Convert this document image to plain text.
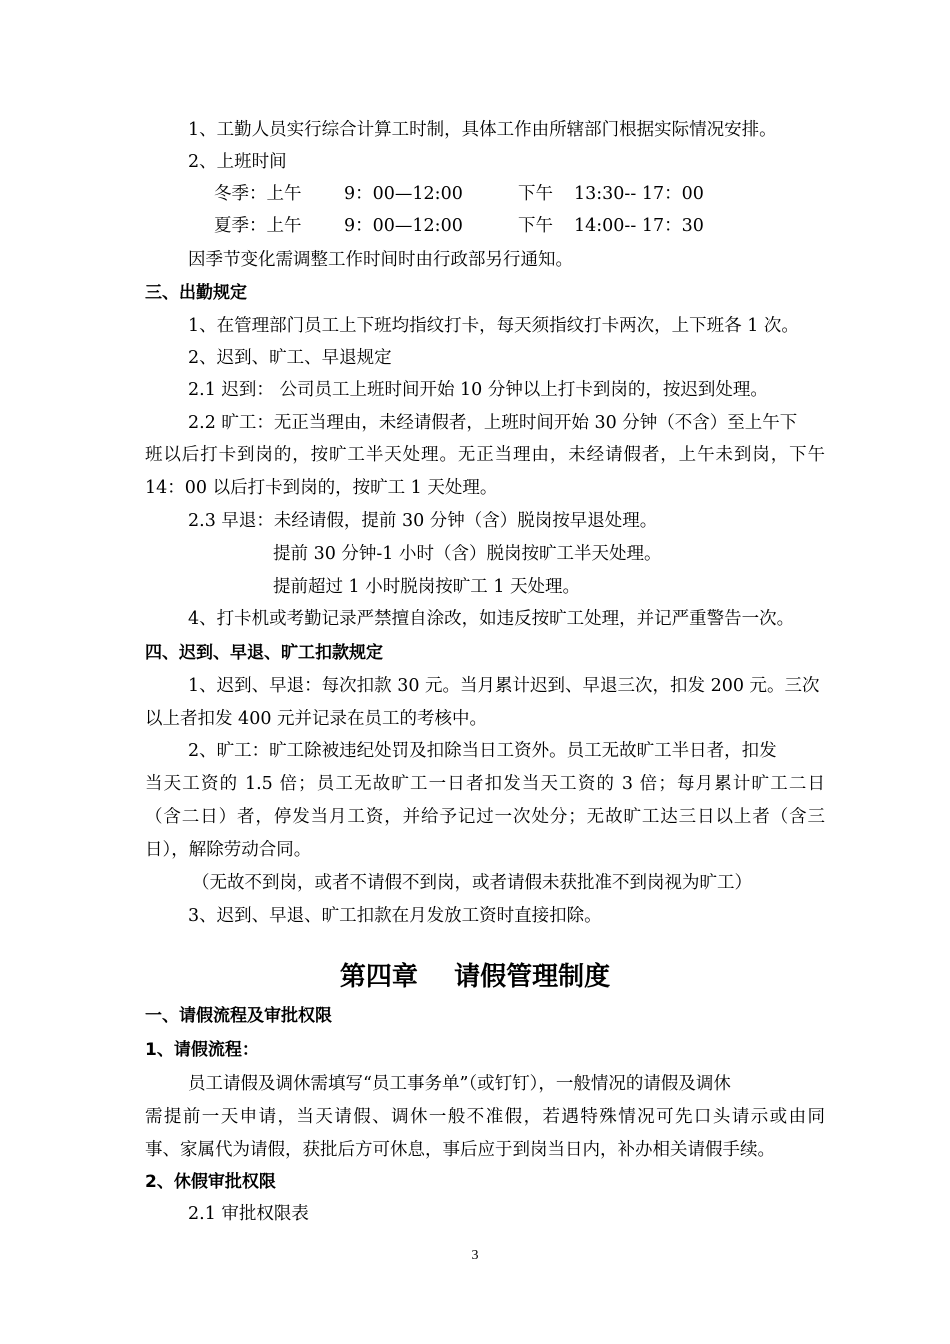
1、工勤人员实行综合计算工时制，具体工作由所辖部门根据实际情况安排。
2、上班时间
冬季：上午 9：00—12:00	下午 13:30-- 17：00
夏季：上午 9：00—12:00	下午 14:00-- 17：30
因季节变化需调整工作时间时由行政部另行通知。
三、出勤规定
1、在管理部门员工上下班均指纹打卡，每天须指纹打卡两次，上下班各 1 次。
2、迟到、旷工、早退规定
2.1 迟到： 公司员工上班时间开始 10 分钟以上打卡到岗的，按迟到处理。
2.2 旷工：无正当理由，未经请假者，上班时间开始 30 分钟（不含）至上午下
班以后打卡到岗的，按旷工半天处理。无正当理由，未经请假者，上午未到岗，下午
14：00 以后打卡到岗的，按旷工 1 天处理。
2.3 早退：未经请假，提前 30 分钟（含）脱岗按早退处理。
提前 30 分钟-1 小时（含）脱岗按旷工半天处理。
提前超过 1 小时脱岗按旷工 1 天处理。
4、打卡机或考勤记录严禁擅自涂改，如违反按旷工处理，并记严重警告一次。
四、迟到、早退、旷工扣款规定
1、迟到、早退：每次扣款 30 元。当月累计迟到、早退三次，扣发 200 元。三次
以上者扣发 400 元并记录在员工的考核中。
2、旷工：旷工除被违纪处罚及扣除当日工资外。员工无故旷工半日者，扣发
当天工资的 1.5 倍；员工无故旷工一日者扣发当天工资的 3 倍；每月累计旷工二日
（含二日）者，停发当月工资，并给予记过一次处分；无故旷工达三日以上者（含三
日），解除劳动合同。
（无故不到岗，或者不请假不到岗，或者请假未获批准不到岗视为旷工）
3、迟到、早退、旷工扣款在月发放工资时直接扣除。
第四章    请假管理制度
一、请假流程及审批权限
1、请假流程：
员工请假及调休需填写“员工事务单”（或钉钉），一般情况的请假及调休
需提前一天申请，当天请假、调休一般不准假，若遇特殊情况可先口头请示或由同
事、家属代为请假，获批后方可休息，事后应于到岗当日内，补办相关请假手续。
2、休假审批权限
2.1 审批权限表
3
